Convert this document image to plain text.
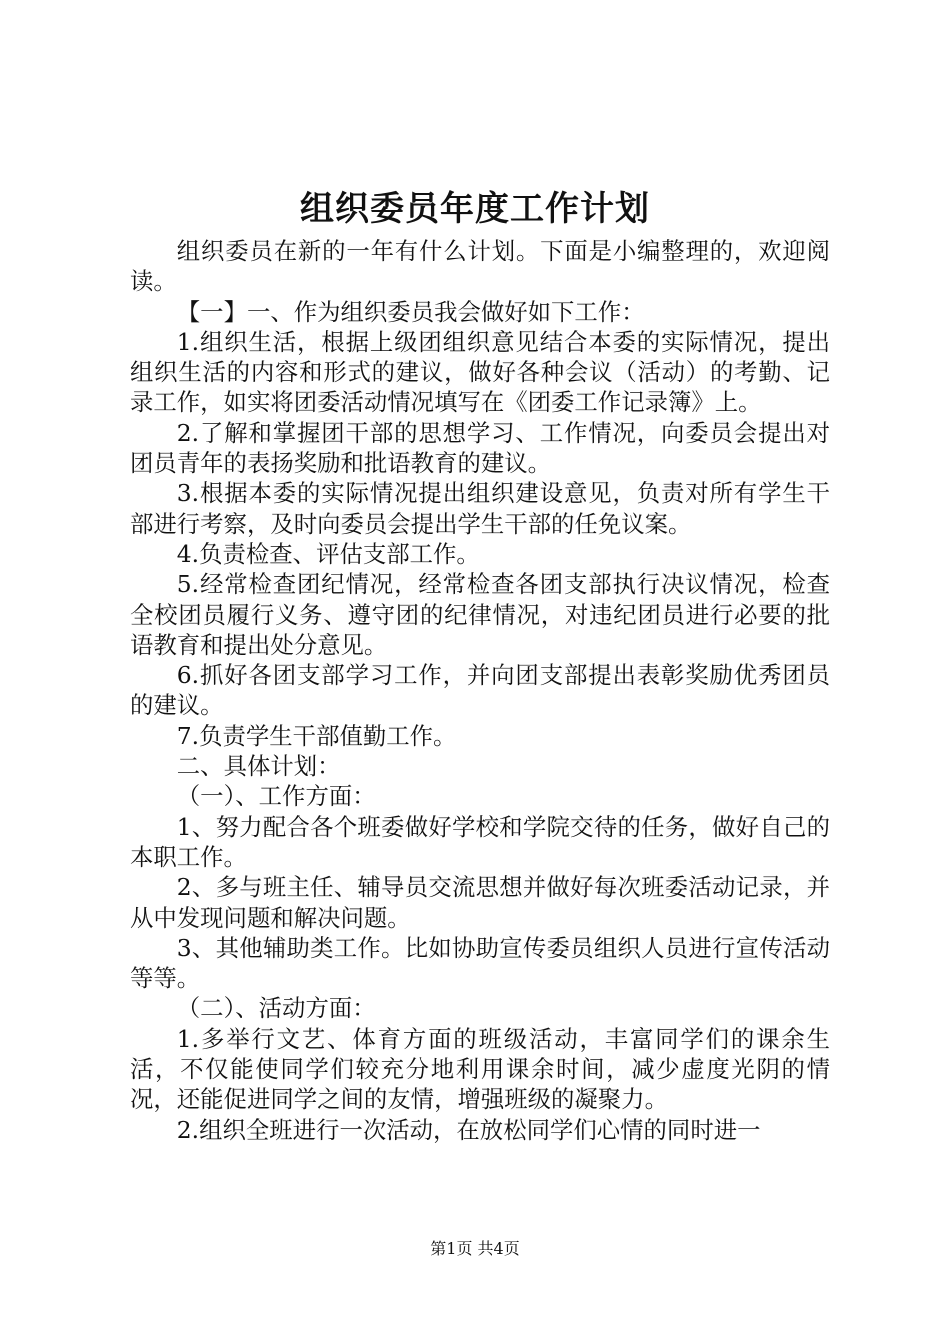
组织委员年度工作计划

组织委员在新的一年有什么计划。下面是小编整理的，欢迎阅读。

【一】一、作为组织委员我会做好如下工作：

1.组织生活，根据上级团组织意见结合本委的实际情况，提出组织生活的内容和形式的建议，做好各种会议（活动）的考勤、记录工作，如实将团委活动情况填写在《团委工作记录簿》上。

2.了解和掌握团干部的思想学习、工作情况，向委员会提出对团员青年的表扬奖励和批语教育的建议。

3.根据本委的实际情况提出组织建设意见，负责对所有学生干部进行考察，及时向委员会提出学生干部的任免议案。

4.负责检查、评估支部工作。

5.经常检查团纪情况，经常检查各团支部执行决议情况，检查全校团员履行义务、遵守团的纪律情况，对违纪团员进行必要的批语教育和提出处分意见。

6.抓好各团支部学习工作，并向团支部提出表彰奖励优秀团员的建议。

7.负责学生干部值勤工作。

二、具体计划：

（一）、工作方面：

1、努力配合各个班委做好学校和学院交待的任务，做好自己的本职工作。

2、多与班主任、辅导员交流思想并做好每次班委活动记录，并从中发现问题和解决问题。

3、其他辅助类工作。比如协助宣传委员组织人员进行宣传活动等等。

（二）、活动方面：

1.多举行文艺、体育方面的班级活动，丰富同学们的课余生活，不仅能使同学们较充分地利用课余时间，减少虚度光阴的情况，还能促进同学之间的友情，增强班级的凝聚力。

2.组织全班进行一次活动，在放松同学们心情的同时进一

第1页 共4页
